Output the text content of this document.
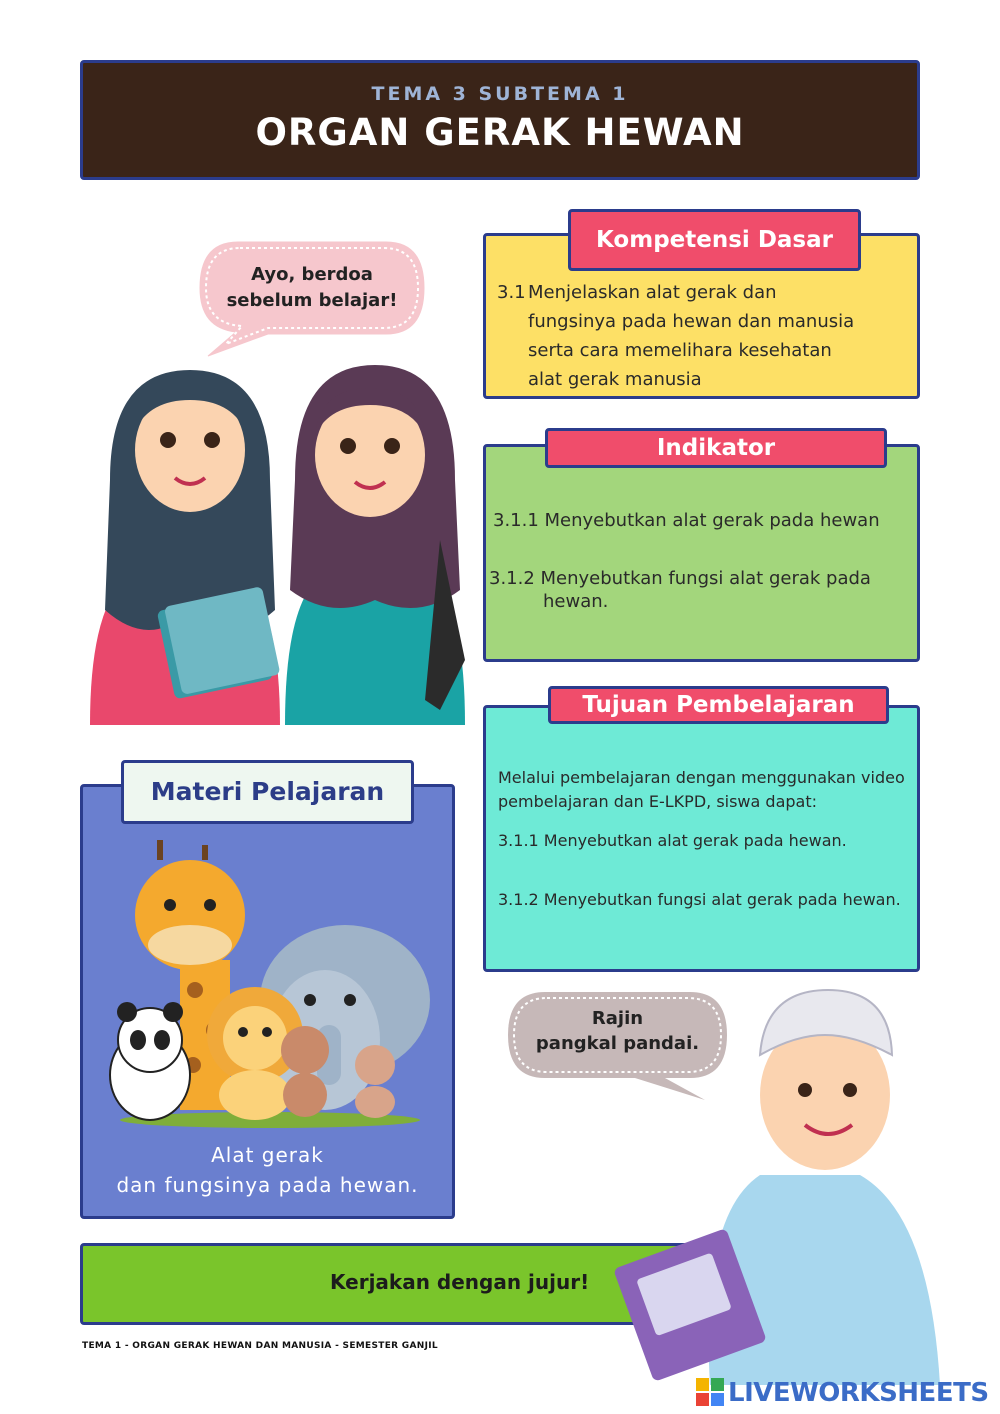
TEMA 3 SUBTEMA 1
ORGAN GERAK HEWAN
Ayo, berdoa
sebelum belajar!
Kompetensi Dasar
3.1 Menjelaskan alat gerak dan
fungsinya pada hewan dan manusia
serta cara memelihara kesehatan
alat gerak manusia
Indikator
3.1.1 Menyebutkan alat gerak pada hewan
3.1.2 Menyebutkan fungsi alat gerak pada
hewan.
Tujuan Pembelajaran
Melalui pembelajaran dengan menggunakan video
pembelajaran dan E-LKPD, siswa dapat:
3.1.1 Menyebutkan alat gerak pada hewan.
3.1.2 Menyebutkan fungsi alat gerak pada hewan.
Materi Pelajaran
Alat gerak
dan fungsinya pada hewan.
Rajin
pangkal pandai.
Kerjakan dengan jujur!
TEMA 1 - ORGAN GERAK HEWAN DAN MANUSIA - SEMESTER GANJIL
LIVEWORKSHEETS
